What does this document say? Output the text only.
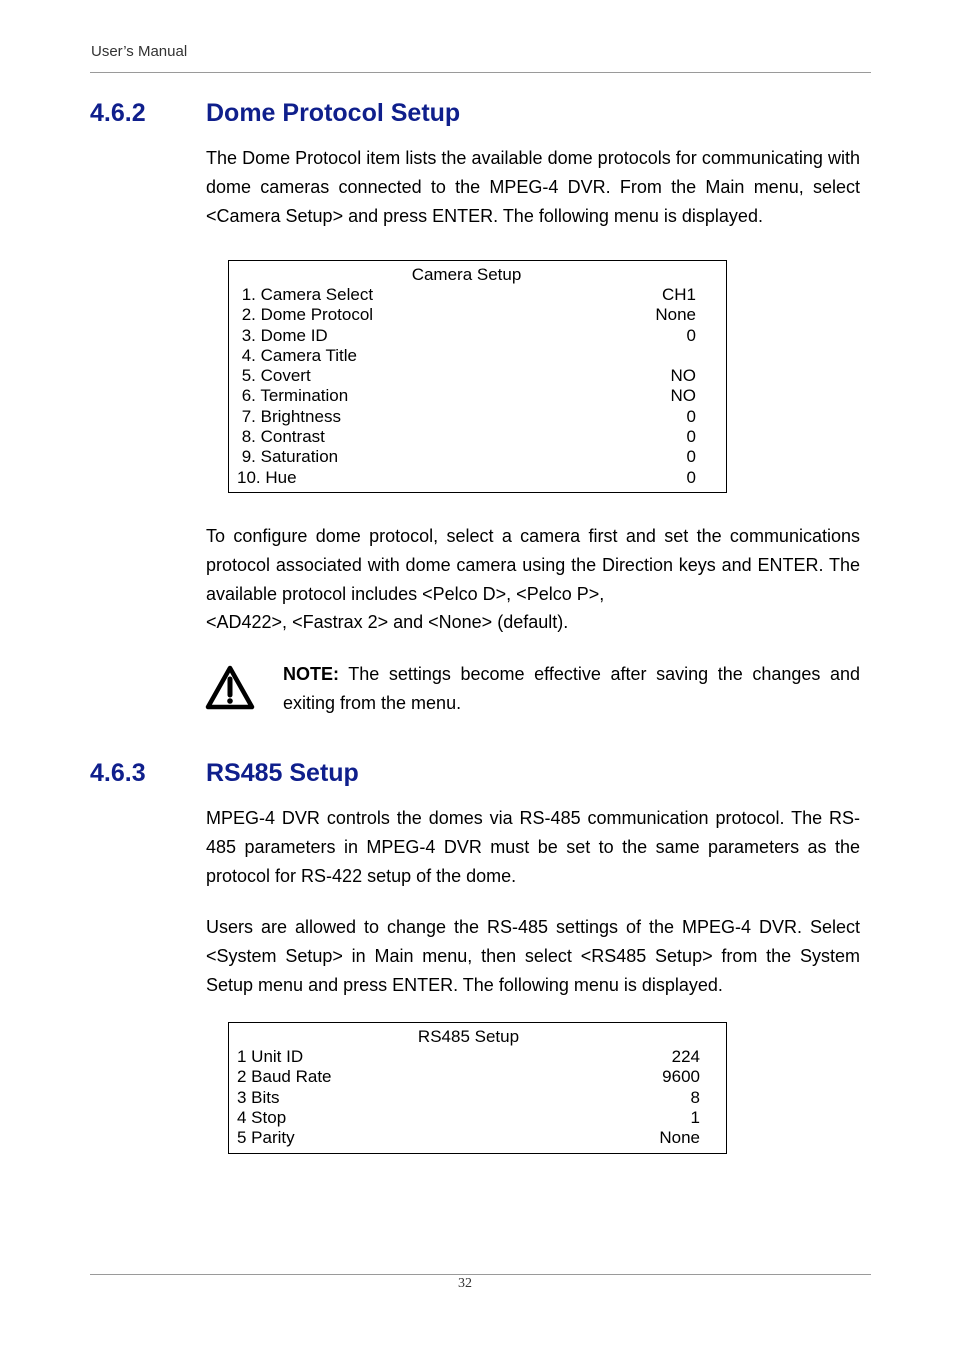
User’s Manual
4.6.2 Dome Protocol Setup
The Dome Protocol item lists the available dome protocols for communicating with dome cameras connected to the MPEG-4 DVR. From the Main menu, select <Camera Setup> and press ENTER. The following menu is displayed.
Camera Setup
1. Camera Select	CH1
2. Dome Protocol	None
3. Dome ID	0
4. Camera Title
5. Covert	NO
6. Termination	NO
7. Brightness	0
8. Contrast	0
9. Saturation	0
10. Hue	0
To configure dome protocol, select a camera first and set the communications protocol associated with dome camera using the Direction keys and ENTER. The available protocol includes <Pelco D>, <Pelco P>,
<AD422>, <Fastrax 2> and <None> (default).
NOTE: The settings become effective after saving the changes and exiting from the menu.
4.6.3 RS485 Setup
MPEG-4 DVR controls the domes via RS-485 communication protocol. The RS-485 parameters in MPEG-4 DVR must be set to the same parameters as the protocol for RS-422 setup of the dome.
Users are allowed to change the RS-485 settings of the MPEG-4 DVR. Select <System Setup> in Main menu, then select <RS485 Setup> from the System Setup menu and press ENTER. The following menu is displayed.
RS485 Setup
1 Unit ID	224
2 Baud Rate	9600
3 Bits	8
4 Stop	1
5 Parity	None
32
